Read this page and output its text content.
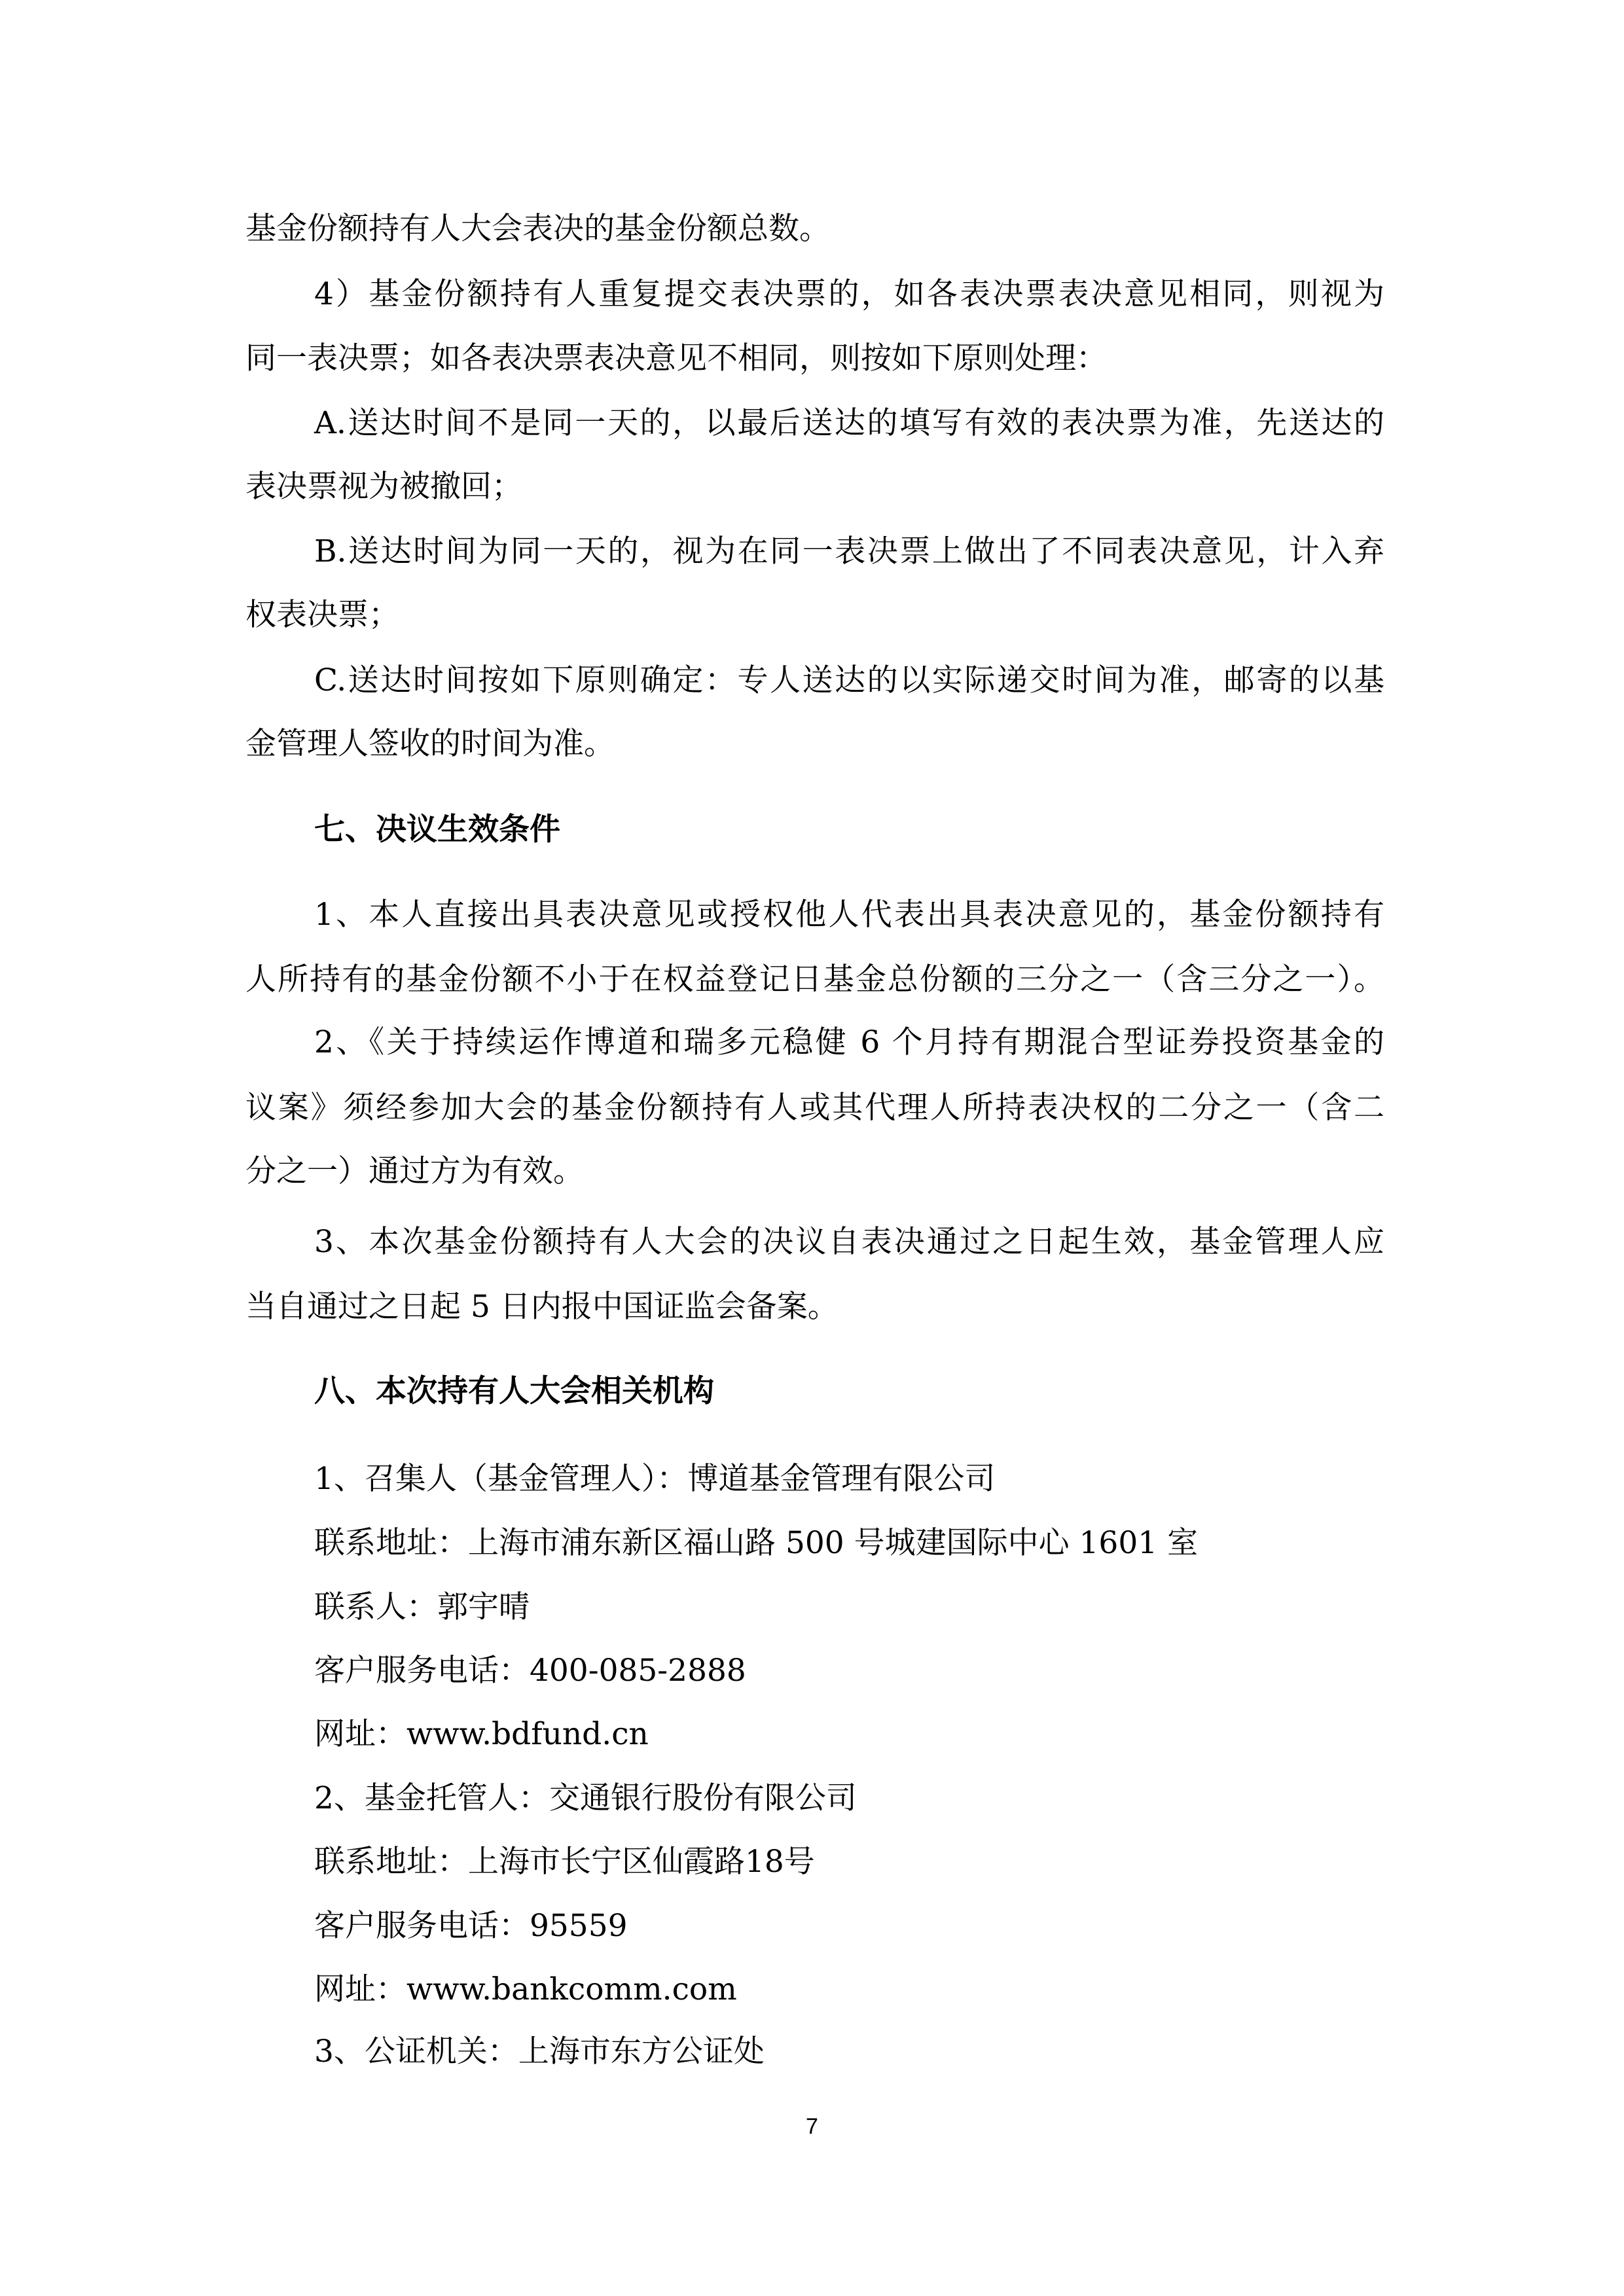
基金份额持有人大会表决的基金份额总数。
4）基金份额持有人重复提交表决票的，如各表决票表决意见相同，则视为
同一表决票；如各表决票表决意见不相同，则按如下原则处理：
A.送达时间不是同一天的，以最后送达的填写有效的表决票为准，先送达的
表决票视为被撤回；
B.送达时间为同一天的，视为在同一表决票上做出了不同表决意见，计入弃
权表决票；
C.送达时间按如下原则确定：专人送达的以实际递交时间为准，邮寄的以基
金管理人签收的时间为准。
七、决议生效条件
1、本人直接出具表决意见或授权他人代表出具表决意见的，基金份额持有
人所持有的基金份额不小于在权益登记日基金总份额的三分之一（含三分之一）。
2、《关于持续运作博道和瑞多元稳健 6 个月持有期混合型证券投资基金的
议案》须经参加大会的基金份额持有人或其代理人所持表决权的二分之一（含二
分之一）通过方为有效。
3、本次基金份额持有人大会的决议自表决通过之日起生效，基金管理人应
当自通过之日起 5 日内报中国证监会备案。
八、本次持有人大会相关机构
1、召集人（基金管理人）：博道基金管理有限公司
联系地址：上海市浦东新区福山路 500 号城建国际中心 1601 室
联系人：郭宇晴
客户服务电话：400-085-2888
网址：www.bdfund.cn
2、基金托管人：交通银行股份有限公司
联系地址：上海市长宁区仙霞路18号
客户服务电话：95559
网址：www.bankcomm.com
3、公证机关：上海市东方公证处
7
